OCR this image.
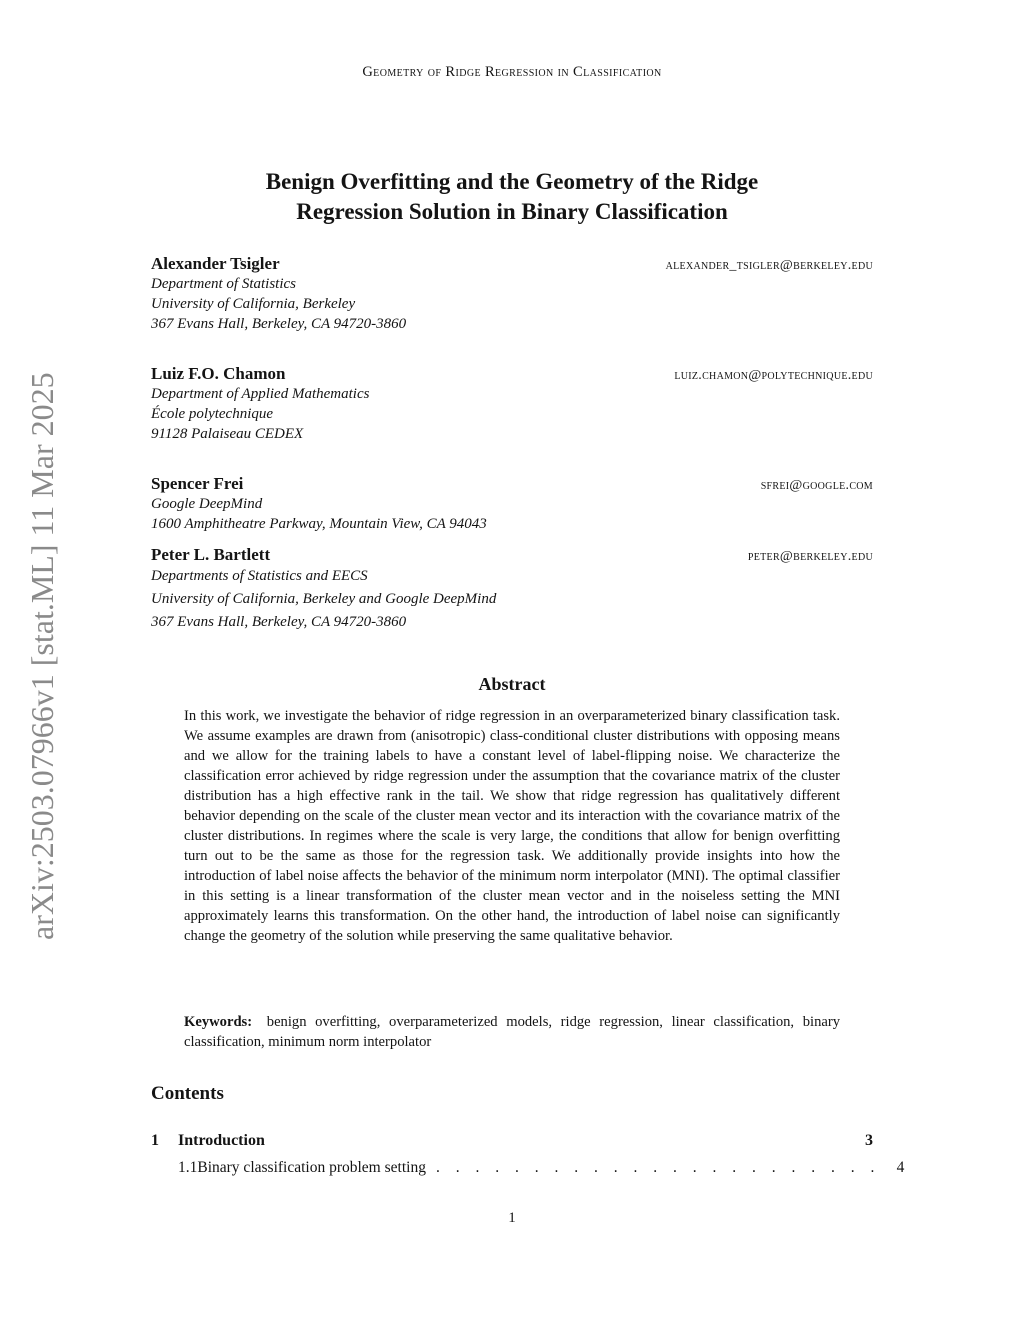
Geometry of Ridge Regression in Classification
arXiv:2503.07966v1 [stat.ML] 11 Mar 2025
Benign Overfitting and the Geometry of the Ridge
Regression Solution in Binary Classification
Alexander Tsigler	alexander_tsigler@berkeley.edu
Department of Statistics
University of California, Berkeley
367 Evans Hall, Berkeley, CA 94720-3860
Luiz F.O. Chamon	luiz.chamon@polytechnique.edu
Department of Applied Mathematics
École polytechnique
91128 Palaiseau CEDEX
Spencer Frei	sfrei@google.com
Google DeepMind
1600 Amphitheatre Parkway, Mountain View, CA 94043
Peter L. Bartlett	peter@berkeley.edu
Departments of Statistics and EECS
University of California, Berkeley and Google DeepMind
367 Evans Hall, Berkeley, CA 94720-3860
Abstract

In this work, we investigate the behavior of ridge regression in an overparameterized binary classification task. We assume examples are drawn from (anisotropic) class-conditional cluster distributions with opposing means and we allow for the training labels to have a constant level of label-flipping noise. We characterize the classification error achieved by ridge regression under the assumption that the covariance matrix of the cluster distribution has a high effective rank in the tail. We show that ridge regression has qualitatively different behavior depending on the scale of the cluster mean vector and its interaction with the covariance matrix of the cluster distributions. In regimes where the scale is very large, the conditions that allow for benign overfitting turn out to be the same as those for the regression task. We additionally provide insights into how the introduction of label noise affects the behavior of the minimum norm interpolator (MNI). The optimal classifier in this setting is a linear transformation of the cluster mean vector and in the noiseless setting the MNI approximately learns this transformation. On the other hand, the introduction of label noise can significantly change the geometry of the solution while preserving the same qualitative behavior.

Keywords: benign overfitting, overparameterized models, ridge regression, linear classification, binary classification, minimum norm interpolator
Contents
1	Introduction	3
1.1 Binary classification problem setting . . . . . . . . . . . . . . . . . . . . . . .	4
1
